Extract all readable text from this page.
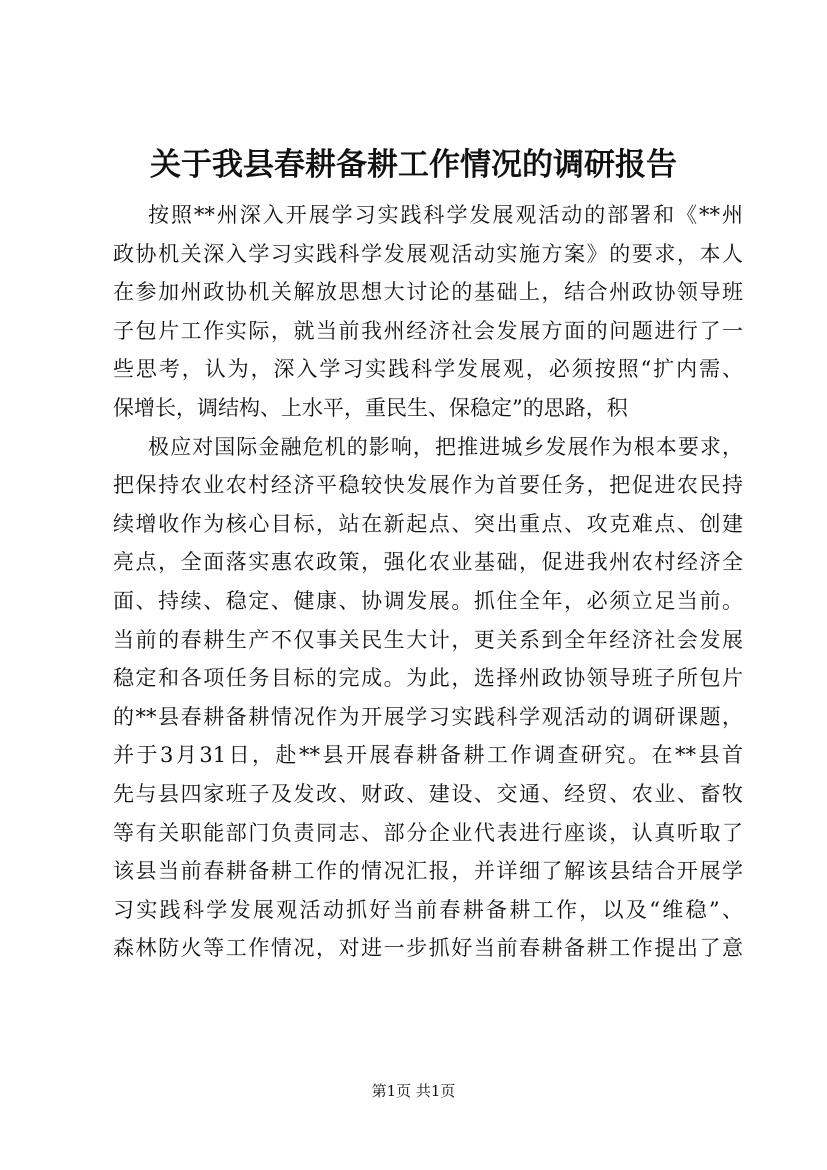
关于我县春耕备耕工作情况的调研报告
按照**州深入开展学习实践科学发展观活动的部署和《**州
政协机关深入学习实践科学发展观活动实施方案》的要求，本人
在参加州政协机关解放思想大讨论的基础上，结合州政协领导班
子包片工作实际，就当前我州经济社会发展方面的问题进行了一
些思考，认为，深入学习实践科学发展观，必须按照“扩内需、
保增长，调结构、上水平，重民生、保稳定”的思路，积
极应对国际金融危机的影响，把推进城乡发展作为根本要求，
把保持农业农村经济平稳较快发展作为首要任务，把促进农民持
续增收作为核心目标，站在新起点、突出重点、攻克难点、创建
亮点，全面落实惠农政策，强化农业基础，促进我州农村经济全
面、持续、稳定、健康、协调发展。抓住全年，必须立足当前。
当前的春耕生产不仅事关民生大计，更关系到全年经济社会发展
稳定和各项任务目标的完成。为此，选择州政协领导班子所包片
的**县春耕备耕情况作为开展学习实践科学观活动的调研课题，
并于3月31日，赴**县开展春耕备耕工作调查研究。在**县首
先与县四家班子及发改、财政、建设、交通、经贸、农业、畜牧
等有关职能部门负责同志、部分企业代表进行座谈，认真听取了
该县当前春耕备耕工作的情况汇报，并详细了解该县结合开展学
习实践科学发展观活动抓好当前春耕备耕工作，以及“维稳”、
森林防火等工作情况，对进一步抓好当前春耕备耕工作提出了意
第1页 共1页
